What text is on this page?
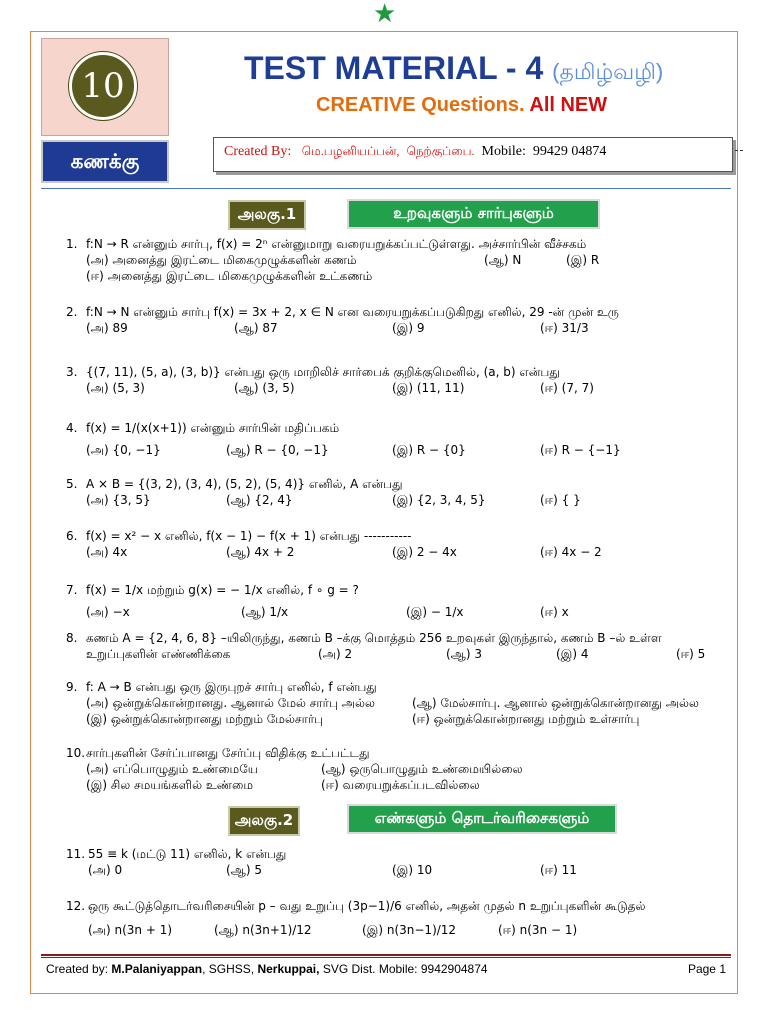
★
10
கணக்கு
TEST MATERIAL - 4 (தமிழ்வழி)
CREATIVE Questions. All NEW
Created By: மெ.பழனியப்பன், நெற்குப்பை. Mobile: 99429 04874
அலகு.1	உறவுகளும் சார்புகளும்
அலகு.2	எண்களும் தொடர்வரிசைகளும்
1. f:N → R என்னும் சார்பு, f(x) = 2ⁿ என்னுமாறு வரையறுக்கப்பட்டுள்ளது. அச்சார்பின் வீச்சகம்
(அ) அனைத்து இரட்டை மிகைமுழுக்களின் கணம்	(ஆ) N	(இ) R
(ஈ) அனைத்து இரட்டை மிகைமுழுக்களின் உட்கணம்
2. f:N → N என்னும் சார்பு f(x) = 3x + 2, x ∈ N என வரையறுக்கப்படுகிறது எனில், 29 -ன் முன் உரு
(அ) 89	(ஆ) 87	(இ) 9	(ஈ) 31/3
3. {(7, 11), (5, a), (3, b)} என்பது ஒரு மாறிலிச் சார்பைக் குறிக்குமெனில், (a, b) என்பது
(அ) (5, 3)	(ஆ) (3, 5)	(இ) (11, 11)	(ஈ) (7, 7)
4. f(x) = 1/(x(x+1)) என்னும் சார்பின் மதிப்பகம்
(அ) {0, −1}	(ஆ) R − {0, −1}	(இ) R − {0}	(ஈ) R − {−1}
5. A × B = {(3, 2), (3, 4), (5, 2), (5, 4)} எனில், A என்பது
(அ) {3, 5}	(ஆ) {2, 4}	(இ) {2, 3, 4, 5}	(ஈ) { }
6. f(x) = x² − x எனில், f(x − 1) − f(x + 1) என்பது -----------
(அ) 4x	(ஆ) 4x + 2	(இ) 2 − 4x	(ஈ) 4x − 2
7. f(x) = 1/x மற்றும் g(x) = − 1/x எனில், f ∘ g = ?
(அ) −x	(ஆ) 1/x	(இ) − 1/x	(ஈ) x
8. கணம் A = {2, 4, 6, 8} –யிலிருந்து, கணம் B –க்கு மொத்தம் 256 உறவுகள் இருந்தால், கணம் B –ல் உள்ள
உறுப்புகளின் எண்ணிக்கை	(அ) 2	(ஆ) 3	(இ) 4	(ஈ) 5
9. f: A → B என்பது ஒரு இருபுறச் சார்பு எனில், f என்பது
(அ) ஒன்றுக்கொன்றானது. ஆனால் மேல் சார்பு அல்ல	(ஆ) மேல்சார்பு. ஆனால் ஒன்றுக்கொன்றானது அல்ல
(இ) ஒன்றுக்கொன்றானது மற்றும் மேல்சார்பு	(ஈ) ஒன்றுக்கொன்றானது மற்றும் உள்சார்பு
10. சார்புகளின் சேர்ப்பானது சேர்ப்பு விதிக்கு உட்பட்டது
(அ) எப்பொழுதும் உண்மையே	(ஆ) ஒருபொழுதும் உண்மையில்லை
(இ) சில சமயங்களில் உண்மை	(ஈ) வரையறுக்கப்படவில்லை
11. 55 ≡ k (மட்டு 11) எனில், k என்பது
(அ) 0	(ஆ) 5	(இ) 10	(ஈ) 11
12. ஒரு கூட்டுத்தொடர்வரிசையின் p – வது உறுப்பு (3p−1)/6 எனில், அதன் முதல் n உறுப்புகளின் கூடுதல்
(அ) n(3n + 1)	(ஆ) n(3n+1)/12	(இ) n(3n−1)/12	(ஈ) n(3n − 1)
Created by: M.Palaniyappan, SGHSS, Nerkuppai, SVG Dist. Mobile: 9942904874	Page 1
